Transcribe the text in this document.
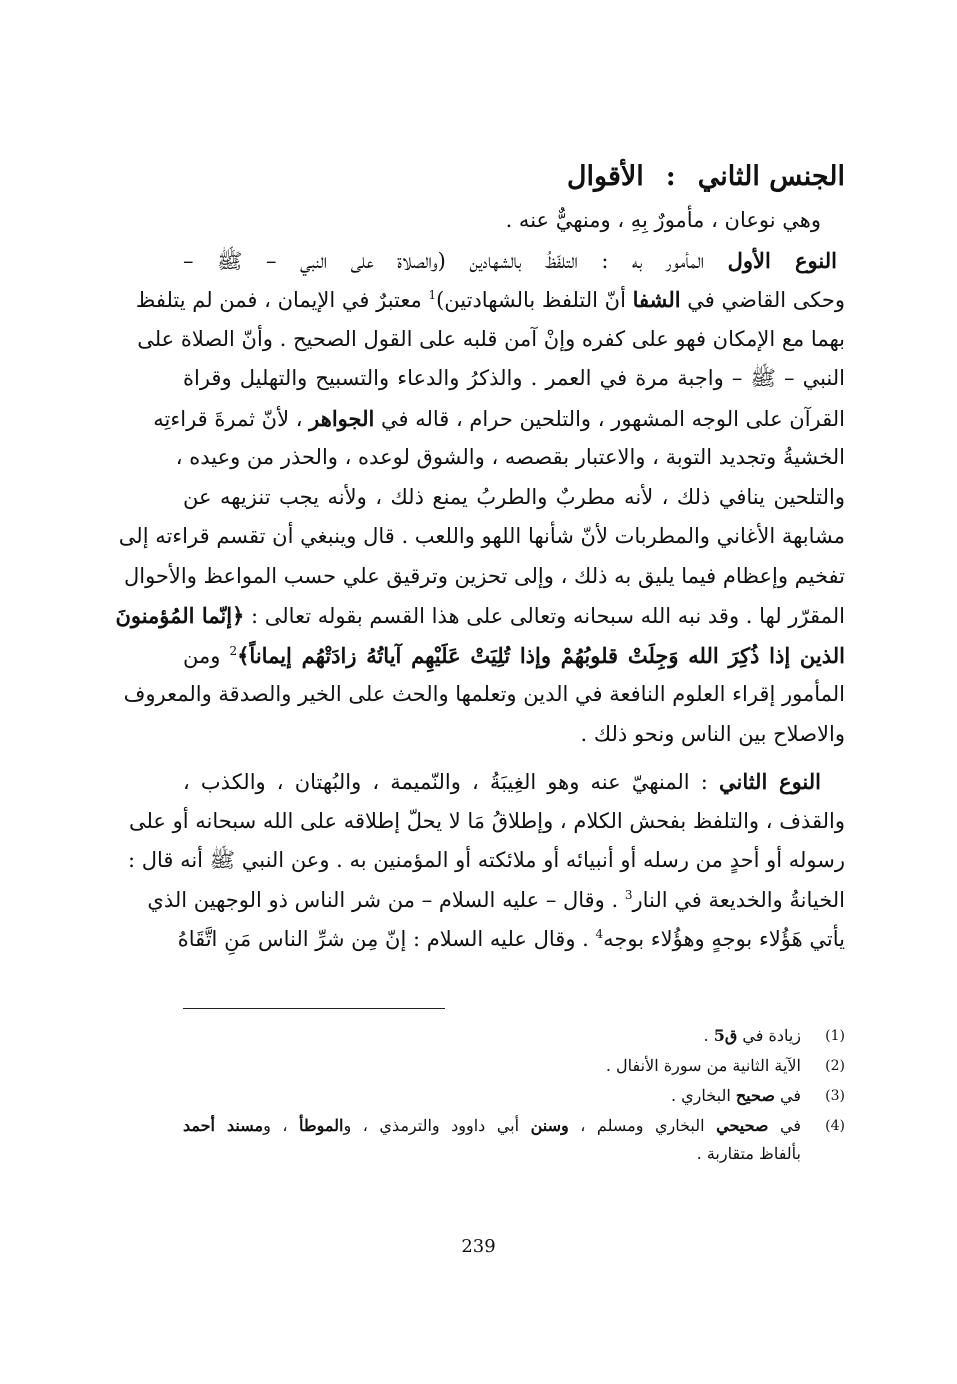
الجنس الثاني:الأقوال
وهي نوعان ، مأمورٌ بِهِ ، ومنهيٌّ عنه .
النوع الأول المأمور به : التلفّظُ بالشهادين (والصلاة على النبي – ﷺ –
وحكى القاضي في الشفا أنّ التلفظ بالشهادتين)$^1$ معتبرٌ في الإيمان ، فمن لم يتلفظ
بهما مع الإمكان فهو على كفره وإنْ آمن قلبه على القول الصحيح . وأنّ الصلاة على
النبي – ﷺ – واجبة مرة في العمر . والذكرُ والدعاء والتسبيح والتهليل وقراة
القرآن على الوجه المشهور ، والتلحين حرام ، قاله في الجواهر ، لأنّ ثمرةَ قراءتِه
الخشيةُ وتجديد التوبة ، والاعتبار بقصصه ، والشوق لوعده ، والحذر من وعيده ،
والتلحين ينافي ذلك ، لأنه مطربٌ والطربُ يمنع ذلك ، ولأنه يجب تنزيهه عن
مشابهة الأغاني والمطربات لأنّ شأنها اللهو واللعب . قال وينبغي أن تقسم قراءته إلى
تفخيم وإعظام فيما يليق به ذلك ، وإلى تحزين وترقيق علي حسب المواعظ والأحوال
المقرّر لها . وقد نبه الله سبحانه وتعالى على هذا القسم بقوله تعالى : ﴿إنّما المُؤمنونَ
الذين إذا ذُكِرَ الله وَجِلَتْ قلوبُهُمْ وإذا تُلِيَتْ عَلَيْهِم آياتُهُ زادَتْهُم إيماناً﴾$^2$ ومن
المأمور إقراء العلوم النافعة في الدين وتعلمها والحث على الخير والصدقة والمعروف
والاصلاح بين الناس ونحو ذلك .
النوع الثاني : المنهيّ عنه وهو الغِيبَةُ ، والنّميمة ، والبُهتان ، والكذب ،
والقذف ، والتلفظ بفحش الكلام ، وإطلاقُ مَا لا يحلّ إطلاقه على الله سبحانه أو على
رسوله أو أحدٍ من رسله أو أنبيائه أو ملائكته أو المؤمنين به . وعن النبي ﷺ أنه قال :
الخيانةُ والخديعة في النار$^3$ . وقال – عليه السلام – من شر الناس ذو الوجهين الذي
يأتي هَؤُلاء بوجهٍ وهؤُلاء بوجه$^4$ . وقال عليه السلام : إنّ مِن شرِّ الناس مَنِ اتَّقَاهُ
(1)
زيادة في ق5 .
(2)
الآية الثانية من سورة الأنفال .
(3)
في صحيح البخاري .
(4)
في صحيحي البخاري ومسلم ، وسنن أبي داوود والترمذي ، والموطأ ، ومسند أحمد
بألفاظ متقاربة .
239
